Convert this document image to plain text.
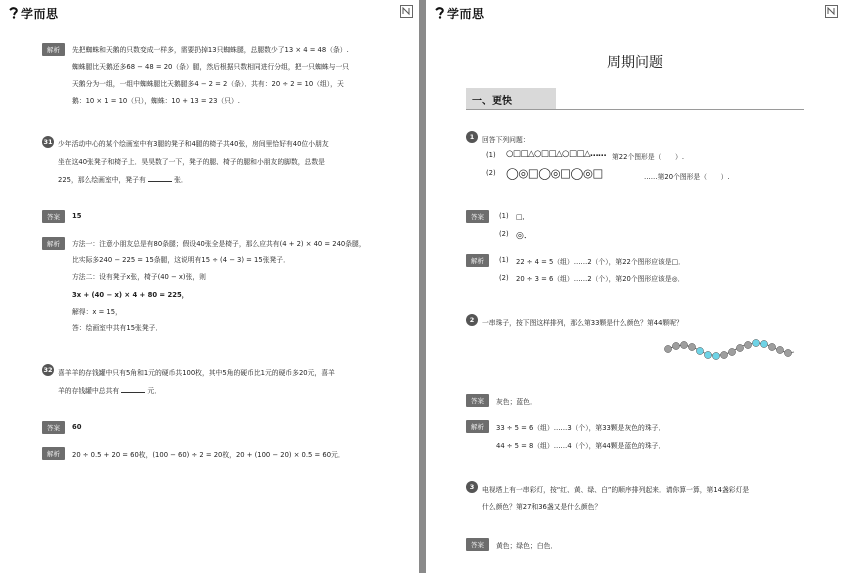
学而思
解析	先把蜘蛛和天鹅的只数变成一样多，需要扔掉13只蜘蛛腿，总腿数少了13 × 4 = 48（条）.
蜘蛛腿比天鹅还多68 − 48 = 20（条）腿，然后根据只数相同进行分组，把一只蜘蛛与一只
天鹅分为一组，一组中蜘蛛腿比天鹅腿多4 − 2 = 2（条）．共有：20 ÷ 2 = 10（组），天
鹅：10 × 1 = 10（只），蜘蛛：10 + 13 = 23（只）.
31 少年活动中心的某个绘画室中有3腿的凳子和4腿的椅子共40张，房间里恰好有40位小朋友
坐在这40张凳子和椅子上．昊昊数了一下，凳子的腿、椅子的腿和小朋友的脚数，总数是
225，那么绘画室中，凳子有	张．
答案	15
解析	方法一：注意小朋友总是有80条腿；假设40张全是椅子，那么应共有(4 + 2) × 40 = 240条腿，
比实际多240 − 225 = 15条腿，这说明有15 ÷ (4 − 3) = 15张凳子．
方法二：设有凳子x张，椅子(40 − x)张，则
3x + (40 − x) × 4 + 80 = 225，
解得：x = 15，
答：绘画室中共有15张凳子．
32 喜羊羊的存钱罐中只有5角和1元的硬币共100枚，其中5角的硬币比1元的硬币多20元，喜羊
羊的存钱罐中总共有	元．
答案	60
解析	20 ÷ 0.5 + 20 = 60枚，(100 − 60) ÷ 2 = 20枚，20 + (100 − 20) × 0.5 = 60元．
学而思
周期问题
一、更快
1	回答下列问题：
(1) ○□□△○□□△○□□△…… 第22个图形是（　　）.
(2) ◯◎□◯◎□◯◎□	……第20个图形是（　　）.
答案	(1) □．
(2) ◎．
解析	(1) 22 ÷ 4 = 5（组）……2（个），第22个图形应该是□．
(2) 20 ÷ 3 = 6（组）……2（个），第20个图形应该是◎．
2	一串珠子，按下图这样排列，那么第33颗是什么颜色？第44颗呢？
答案	灰色；蓝色．
解析	33 ÷ 5 = 6（组）……3（个），第33颗是灰色的珠子．
44 ÷ 5 = 8（组）……4（个），第44颗是蓝色的珠子．
3	电视塔上有一串彩灯，按“红、黄、绿、白”的顺序排列起来．请你算一算，第14盏彩灯是
什么颜色？第27和36盏又是什么颜色？
答案	黄色；绿色；白色．
